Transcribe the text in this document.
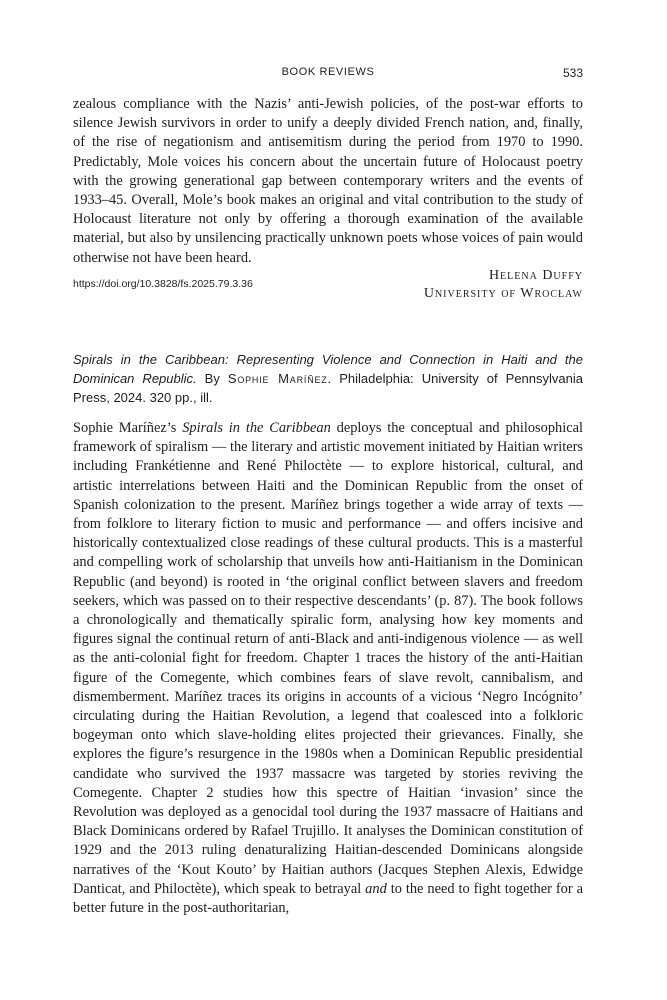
BOOK REVIEWS	533

zealous compliance with the Nazis’ anti-Jewish policies, of the post-war efforts to silence Jewish survivors in order to unify a deeply divided French nation, and, finally, of the rise of negationism and antisemitism during the period from 1970 to 1990. Predictably, Mole voices his concern about the uncertain future of Holocaust poetry with the growing generational gap between contemporary writers and the events of 1933–45. Overall, Mole’s book makes an original and vital contribution to the study of Holocaust literature not only by offering a thorough examination of the available material, but also by unsilencing practically unknown poets whose voices of pain would otherwise not have been heard.

https://doi.org/10.3828/fs.2025.79.3.36
Helena Duffy
University of Wrocław
Spirals in the Caribbean: Representing Violence and Connection in Haiti and the Dominican Republic. By Sophie Maríñez. Philadelphia: University of Pennsylvania Press, 2024. 320 pp., ill.

Sophie Maríñez’s Spirals in the Caribbean deploys the conceptual and philosophical framework of spiralism — the literary and artistic movement initiated by Haitian writers including Frankétienne and René Philoctète — to explore historical, cultural, and artistic interrelations between Haiti and the Dominican Republic from the onset of Spanish colonization to the present. Maríñez brings together a wide array of texts — from folklore to literary fiction to music and performance — and offers incisive and historically contextualized close readings of these cultural products. This is a masterful and compelling work of scholarship that unveils how anti-Haitianism in the Dominican Republic (and beyond) is rooted in ‘the original conflict between slavers and freedom seekers, which was passed on to their respective descendants’ (p. 87). The book follows a chronologically and thematically spiralic form, analysing how key moments and figures signal the continual return of anti-Black and anti-indigenous violence — as well as the anti-colonial fight for freedom. Chapter 1 traces the history of the anti-Haitian figure of the Comegente, which combines fears of slave revolt, cannibalism, and dismemberment. Maríñez traces its origins in accounts of a vicious ‘Negro Incógnito’ circulating during the Haitian Revolution, a legend that coalesced into a folkloric bogeyman onto which slave-holding elites projected their grievances. Finally, she explores the figure’s resurgence in the 1980s when a Dominican Republic presidential candidate who survived the 1937 massacre was targeted by stories reviving the Comegente. Chapter 2 studies how this spectre of Haitian ‘invasion’ since the Revolution was deployed as a genocidal tool during the 1937 massacre of Haitians and Black Dominicans ordered by Rafael Trujillo. It analyses the Dominican constitution of 1929 and the 2013 ruling denaturalizing Haitian-descended Dominicans alongside narratives of the ‘Kout Kouto’ by Haitian authors (Jacques Stephen Alexis, Edwidge Danticat, and Philoctète), which speak to betrayal and to the need to fight together for a better future in the post-authoritarian,
